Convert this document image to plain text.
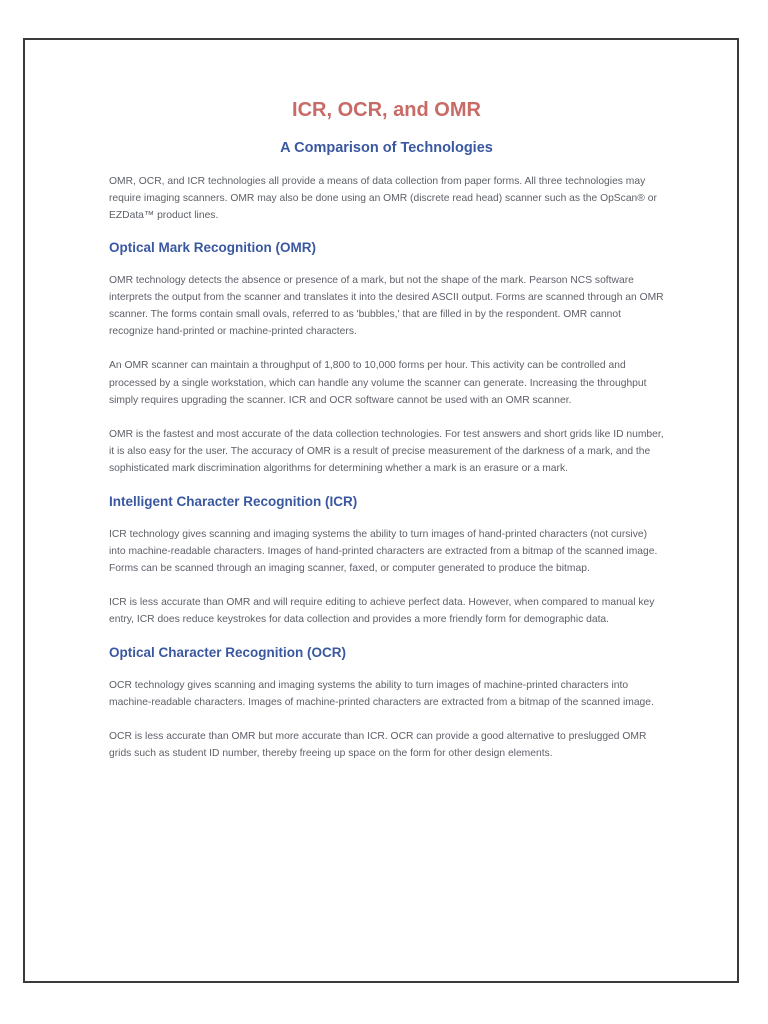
ICR, OCR, and OMR
A Comparison of Technologies

OMR, OCR, and ICR technologies all provide a means of data collection from paper forms. All three technologies may require imaging scanners. OMR may also be done using an OMR (discrete read head) scanner such as the OpScan® or EZData™ product lines.

Optical Mark Recognition (OMR)

OMR technology detects the absence or presence of a mark, but not the shape of the mark. Pearson NCS software interprets the output from the scanner and translates it into the desired ASCII output. Forms are scanned through an OMR scanner. The forms contain small ovals, referred to as 'bubbles,' that are filled in by the respondent. OMR cannot recognize hand-printed or machine-printed characters.

An OMR scanner can maintain a throughput of 1,800 to 10,000 forms per hour. This activity can be controlled and processed by a single workstation, which can handle any volume the scanner can generate. Increasing the throughput simply requires upgrading the scanner. ICR and OCR software cannot be used with an OMR scanner.

OMR is the fastest and most accurate of the data collection technologies. For test answers and short grids like ID number, it is also easy for the user. The accuracy of OMR is a result of precise measurement of the darkness of a mark, and the sophisticated mark discrimination algorithms for determining whether a mark is an erasure or a mark.

Intelligent Character Recognition (ICR)

ICR technology gives scanning and imaging systems the ability to turn images of hand-printed characters (not cursive) into machine-readable characters. Images of hand-printed characters are extracted from a bitmap of the scanned image. Forms can be scanned through an imaging scanner, faxed, or computer generated to produce the bitmap.

ICR is less accurate than OMR and will require editing to achieve perfect data. However, when compared to manual key entry, ICR does reduce keystrokes for data collection and provides a more friendly form for demographic data.

Optical Character Recognition (OCR)

OCR technology gives scanning and imaging systems the ability to turn images of machine-printed characters into machine-readable characters. Images of machine-printed characters are extracted from a bitmap of the scanned image.

OCR is less accurate than OMR but more accurate than ICR. OCR can provide a good alternative to preslugged OMR grids such as student ID number, thereby freeing up space on the form for other design elements.
